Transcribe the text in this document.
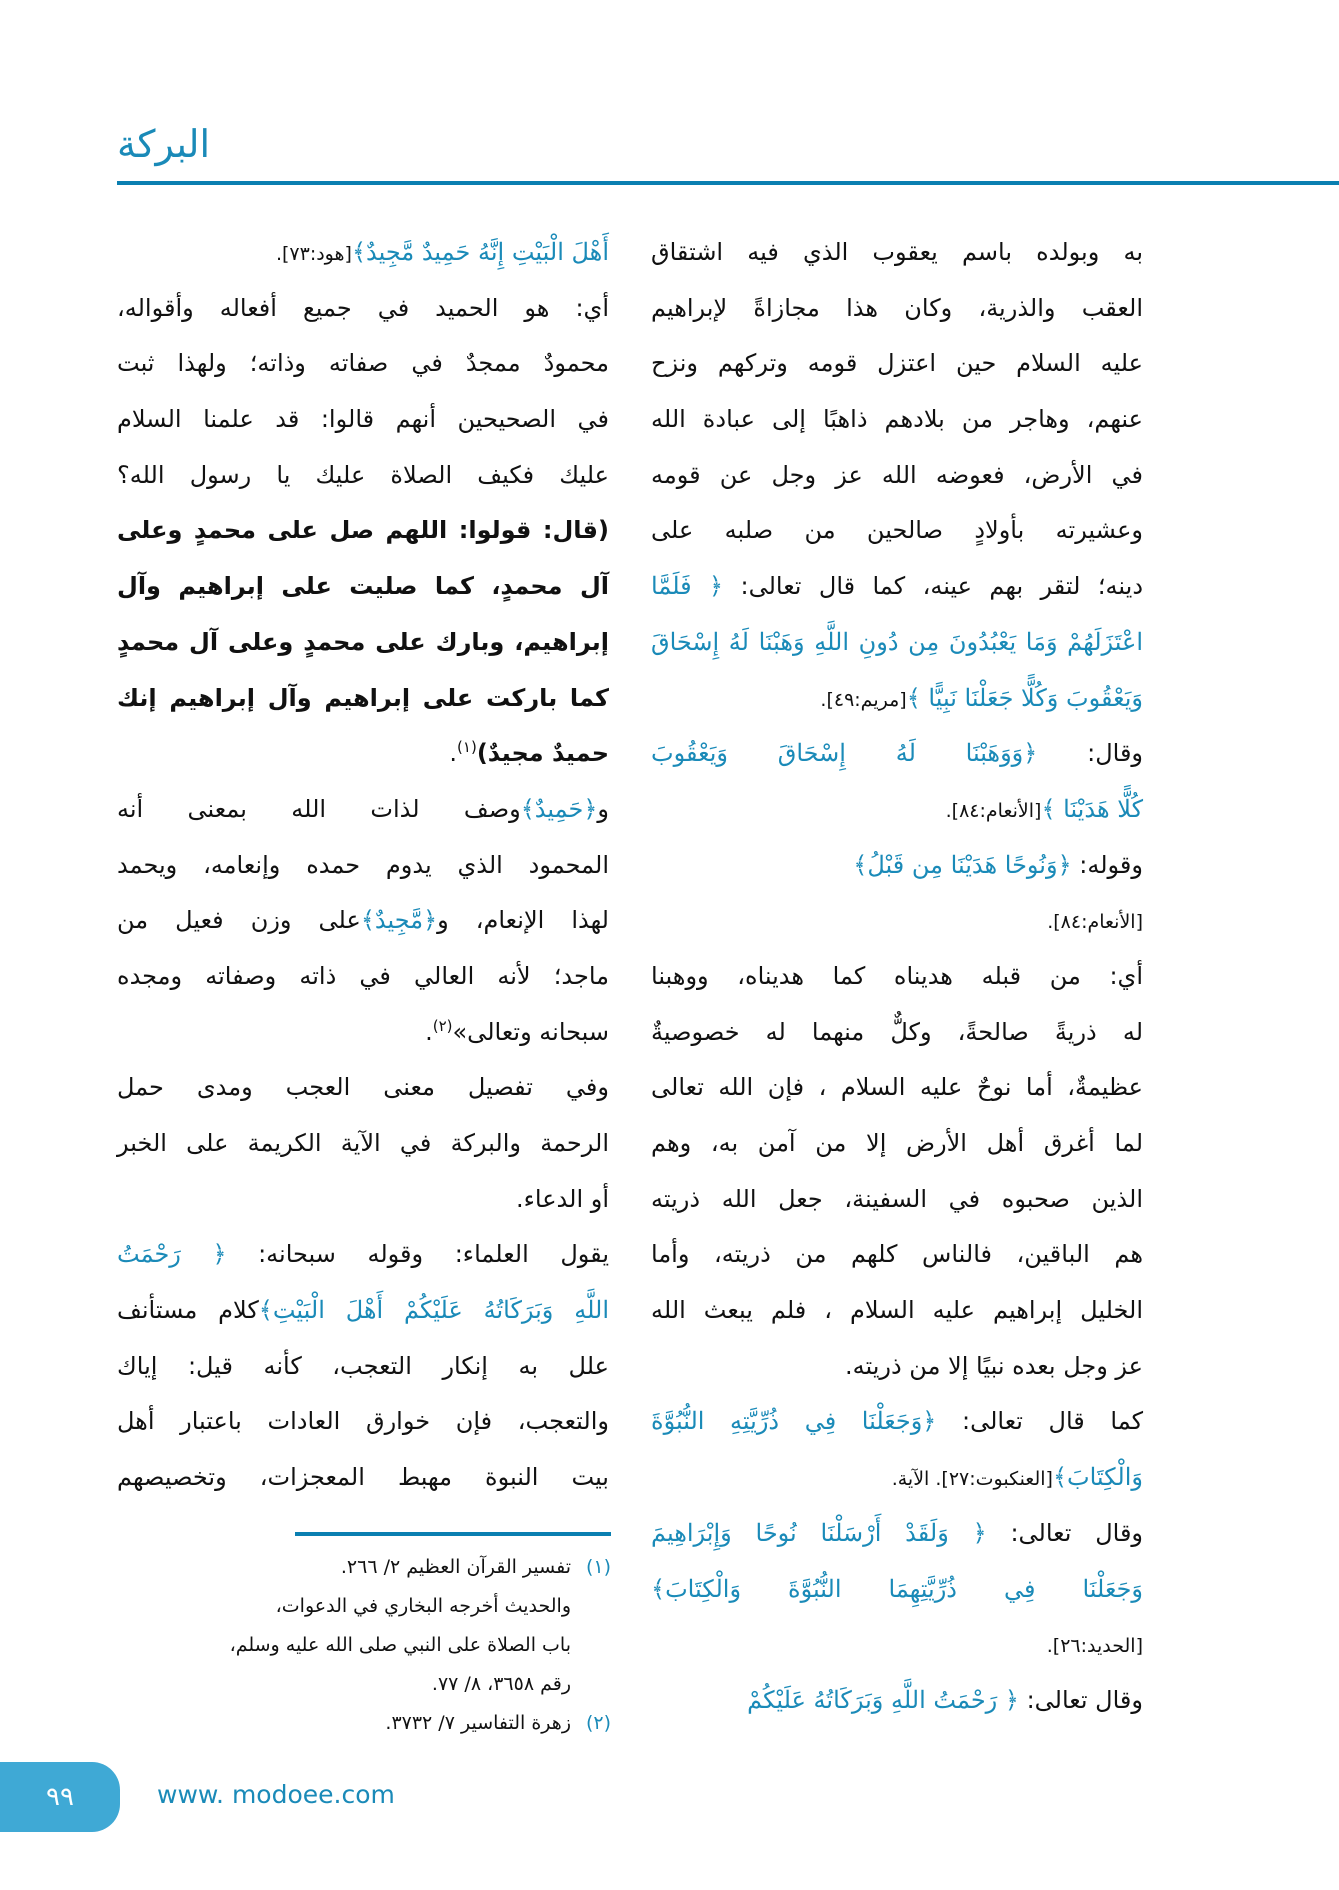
البركة
به وبولده باسم يعقوب الذي فيه اشتقاق
العقب والذرية، وكان هذا مجازاةً لإبراهيم
عليه السلام حين اعتزل قومه وتركهم ونزح
عنهم، وهاجر من بلادهم ذاهبًا إلى عبادة الله
في الأرض، فعوضه الله عز وجل عن قومه
وعشيرته بأولادٍ صالحين من صلبه على
دينه؛ لتقر بهم عينه، كما قال تعالى: ﴿ فَلَمَّا
اعْتَزَلَهُمْ وَمَا يَعْبُدُونَ مِن دُونِ اللَّهِ وَهَبْنَا لَهُ إِسْحَاقَ
وَيَعْقُوبَ وَكُلًّا جَعَلْنَا نَبِيًّا ﴾[مريم:٤٩].
وقال: ﴿وَوَهَبْنَا لَهُ إِسْحَاقَ وَيَعْقُوبَ
كُلًّا هَدَيْنَا ﴾[الأنعام:٨٤].
وقوله: ﴿وَنُوحًا هَدَيْنَا مِن قَبْلُ﴾
[الأنعام:٨٤].
أي: من قبله هديناه كما هديناه، ووهبنا
له ذريةً صالحةً، وكلٌّ منهما له خصوصيةٌ
عظيمةٌ، أما نوحٌ عليه السلام ، فإن الله تعالى
لما أغرق أهل الأرض إلا من آمن به، وهم
الذين صحبوه في السفينة، جعل الله ذريته
هم الباقين، فالناس كلهم من ذريته، وأما
الخليل إبراهيم عليه السلام ، فلم يبعث الله
عز وجل بعده نبيًا إلا من ذريته.
كما قال تعالى: ﴿وَجَعَلْنَا فِي ذُرِّيَّتِهِ النُّبُوَّةَ
وَالْكِتَابَ﴾[العنكبوت:٢٧]. الآية.
وقال تعالى: ﴿ وَلَقَدْ أَرْسَلْنَا نُوحًا وَإِبْرَاهِيمَ
وَجَعَلْنَا فِي ذُرِّيَّتِهِمَا النُّبُوَّةَ وَالْكِتَابَ﴾
[الحديد:٢٦].
وقال تعالى: ﴿ رَحْمَتُ اللَّهِ وَبَرَكَاتُهُ عَلَيْكُمْ
أَهْلَ الْبَيْتِ إِنَّهُ حَمِيدٌ مَّجِيدٌ﴾[هود:٧٣].
أي: هو الحميد في جميع أفعاله وأقواله،
محمودٌ ممجدٌ في صفاته وذاته؛ ولهذا ثبت
في الصحيحين أنهم قالوا: قد علمنا السلام
عليك فكيف الصلاة عليك يا رسول الله؟
(قال: قولوا: اللهم صل على محمدٍ وعلى
آل محمدٍ، كما صليت على إبراهيم وآل
إبراهيم، وبارك على محمدٍ وعلى آل محمدٍ
كما باركت على إبراهيم وآل إبراهيم إنك
حميدٌ مجيدٌ)$^{(١)}$.
و﴿حَمِيدٌ﴾وصف لذات الله بمعنى أنه
المحمود الذي يدوم حمده وإنعامه، ويحمد
لهذا الإنعام، و﴿مَّجِيدٌ﴾على وزن فعيل من
ماجد؛ لأنه العالي في ذاته وصفاته ومجده
سبحانه وتعالى»$^{(٢)}$.
وفي تفصيل معنى العجب ومدى حمل
الرحمة والبركة في الآية الكريمة على الخبر
أو الدعاء.
يقول العلماء: وقوله سبحانه: ﴿ رَحْمَتُ
اللَّهِ وَبَرَكَاتُهُ عَلَيْكُمْ أَهْلَ الْبَيْتِ﴾كلام مستأنف
علل به إنكار التعجب، كأنه قيل: إياك
والتعجب، فإن خوارق العادات باعتبار أهل
بيت النبوة مهبط المعجزات، وتخصيصهم
(١)تفسير القرآن العظيم ٢/ ٢٦٦.
والحديث أخرجه البخاري في الدعوات،
باب الصلاة على النبي صلى الله عليه وسلم،
رقم ٣٦٥٨، ٨/ ٧٧.
(٢)زهرة التفاسير ٧/ ٣٧٣٢.
٩٩	www. modoee.com
